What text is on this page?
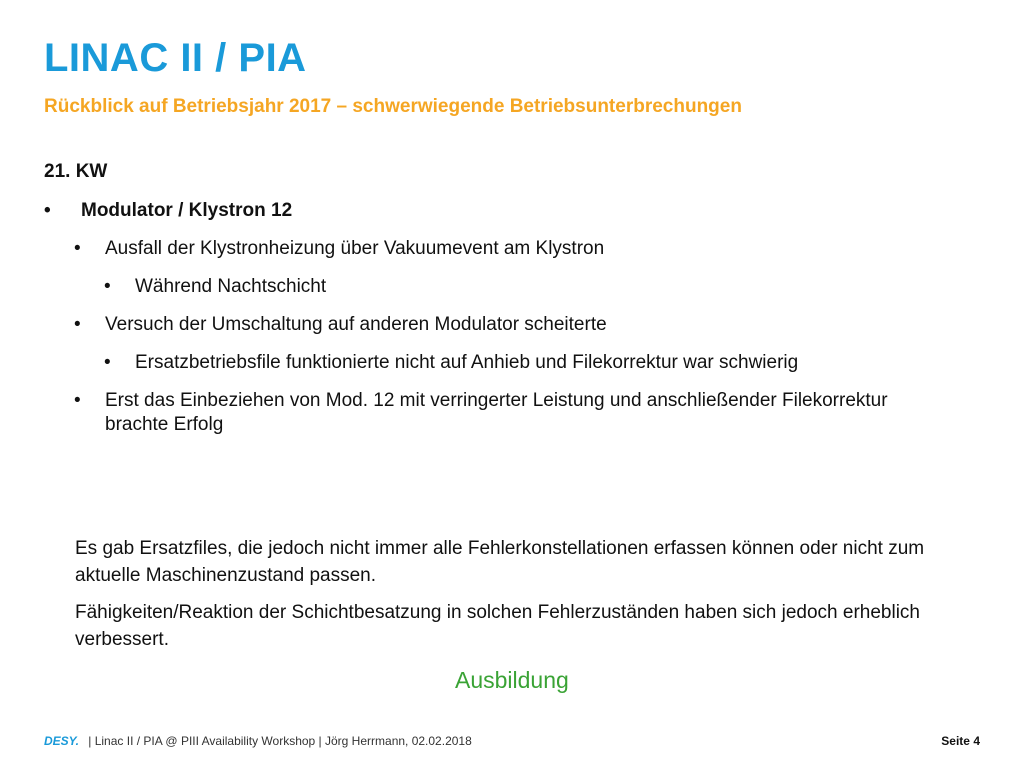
LINAC II / PIA
Rückblick auf Betriebsjahr 2017 – schwerwiegende Betriebsunterbrechungen

21. KW

• Modulator / Klystron 12
• Ausfall der Klystronheizung über Vakuumevent am Klystron
• Während Nachtschicht
• Versuch der Umschaltung auf anderen Modulator scheiterte
• Ersatzbetriebsfile funktionierte nicht auf Anhieb und Filekorrektur war schwierig
• Erst das Einbeziehen von Mod. 12 mit verringerter Leistung und anschließender Filekorrektur brachte Erfolg
Es gab Ersatzfiles, die jedoch nicht immer alle Fehlerkonstellationen erfassen können oder nicht zum aktuelle Maschinenzustand passen.
Fähigkeiten/Reaktion der Schichtbesatzung in solchen Fehlerzuständen haben sich jedoch erheblich verbessert.
Ausbildung
DESY. | Linac II / PIA @ PIII Availability Workshop | Jörg Herrmann, 02.02.2018	Seite 4
